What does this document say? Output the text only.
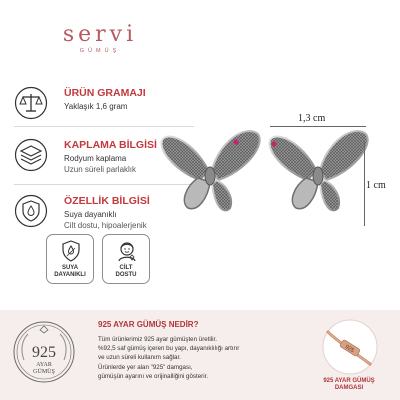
servi
GÜMÜŞ
ÜRÜN GRAMAJI
Yaklaşık 1,6 gram
KAPLAMA BİLGİSİ
Rodyum kaplama
Uzun süreli parlaklık
ÖZELLİK BİLGİSİ
Suya dayanıklı
Cilt dostu, hipoalerjenik
SUYA
DAYANIKLI
CİLT
DOSTU
1,3 cm
1 cm
925
AYAR
GÜMÜŞ
925 AYAR GÜMÜŞ NEDİR?
Tüm ürünlerimiz 925 ayar gümüşten üretilir.
%92,5 saf gümüş içeren bu yapı, dayanıklılığı artırır
ve uzun süreli kullanım sağlar.
Ürünlerde yer alan "925" damgası,
gümüşün ayarını ve orijinalliğini gösterir.
925
925 AYAR GÜMÜŞ
DAMGASI
